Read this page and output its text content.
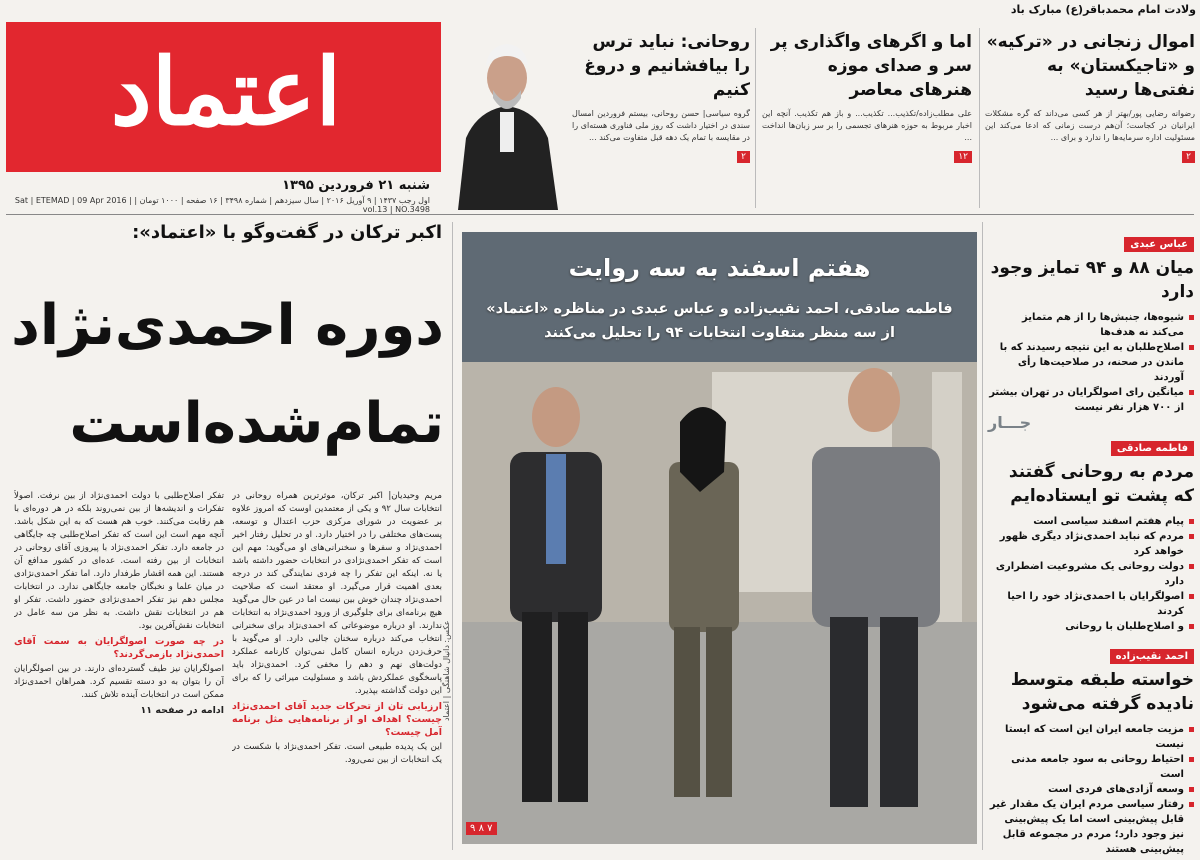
ولادت امام محمدباقر(ع) مبارک باد
اموال زنجانی در «ترکیه» و «تاجیکستان» به نفتی‌ها رسید
رضوانه رضایی پور/بهتر از هر کسی می‌داند که گره مشکلات ایرانیان در کجاست؛ آن‌هم درست زمانی که ادعا می‌کند این مسئولیت اداره سرمایه‌ها را ندارد و برای ...
۲
اما و اگرهای واگذاری پر سر و صدای موزه هنرهای معاصر
علی مطلب‌زاده/تکذیب... تکذیب... و باز هم تکذیب. آنچه این اخبار مربوط به حوزه هنرهای تجسمی را بر سر زبان‌ها انداخت ...
۱۲
روحانی: نباید ترس را بیافشانیم و دروغ کنیم
گروه سیاسی| حسن روحانی، بیستم فروردین امسال سندی در اختیار داشت که روز ملی فناوری هسته‌ای را در مقایسه با تمام یک دهه قبل متفاوت می‌کند ...
۲
اعتماد
شنبه ۲۱ فروردین ۱۳۹۵
اول رجب ۱۴۳۷ | ۹ آوریل ۲۰۱۶ | سال سیزدهم | شماره ۳۴۹۸ | ۱۶ صفحه | ۱۰۰۰ تومان | Sat | ETEMAD | 09 Apr 2016 | vol.13 | NO.3498
اکبر ترکان در گفت‌وگو با «اعتماد»:
دوره احمدی‌نژاد
تمام‌شده‌است
مریم وحیدیان| اکبر ترکان، موثرترین همراه روحانی در انتخابات سال ۹۲ و یکی از معتمدین اوست که امروز علاوه بر عضویت در شورای مرکزی حزب اعتدال و توسعه، پست‌های مختلفی را در اختیار دارد. او در تحلیل رفتار اخیر احمدی‌نژاد و سفرها و سخنرانی‌های او می‌گوید: مهم این است که تفکر احمدی‌نژادی در انتخابات حضور داشته باشد یا نه. اینکه این تفکر را چه فردی نمایندگی کند در درجه بعدی اهمیت قرار می‌گیرد. او معتقد است که صلاحیت احمدی‌نژاد چندان خوش بین نیست اما در عین حال می‌گوید هیچ برنامه‌ای برای جلوگیری از ورود احمدی‌نژاد به انتخابات ندارند. او درباره موضوعاتی که احمدی‌نژاد برای سخنرانی انتخاب می‌کند درباره سخنان جالبی دارد. او می‌گوید با حرف‌زدن درباره انسان کامل نمی‌توان کارنامه عملکرد دولت‌های نهم و دهم را مخفی کرد. احمدی‌نژاد باید پاسخگوی عملکرد‌ش باشد و مسئولیت میراثی را که برای این دولت گذاشته بپذیرد.
ارزیابی تان از تحرکات جدید آقای احمدی‌نژاد چیست؟ اهداف او از برنامه‌هایی مثل برنامه آمل چیست؟
این یک پدیده طبیعی است. تفکر احمدی‌نژاد با شکست در یک انتخابات از بین نمی‌رود.
تفکر اصلاح‌طلبی با دولت احمدی‌نژاد از بین نرفت. اصولاً تفکرات و اندیشه‌ها از بین نمی‌روند بلکه در هر دوره‌ای با هم رقابت می‌کنند. خوب هم هست که به این شکل باشد. آنچه مهم است این است که تفکر اصلاح‌طلبی چه جایگاهی در جامعه دارد. تفکر احمدی‌نژاد با پیروزی آقای روحانی در انتخابات از بین رفته است. عده‌ای در کشور مدافع آن هستند. این همه اقشار طرفدار دارد. اما تفکر احمدی‌نژادی در میان علما و نخبگان جامعه جایگاهی ندارد. در انتخابات مجلس دهم نیز تفکر احمدی‌نژادی حضور داشت. تفکر او هم در انتخابات نقش داشت. به نظر من سه عامل در انتخابات نقش‌آفرین بود.
در چه صورت اصولگرایان به سمت آقای احمدی‌نژاد بازمی‌گردند؟
اصولگرایان نیز طیف گسترده‌ای دارند. در بین اصولگرایان آن را بتوان به دو دسته تقسیم کرد. همراهان احمدی‌نژاد ممکن است در انتخابات آینده تلاش کنند.
ادامه در صفحه ۱۱	عکس: دانیال شاهنگی | اعتماد
هفتم اسفند به سه روایت
فاطمه صادقی، احمد نقیب‌زاده و عباس عبدی در مناظره «اعتماد»
از سه منظر متفاوت انتخابات ۹۴ را تحلیل می‌کنند
۷ ۸ ۹
عباس عبدی
میان ۸۸ و ۹۴ تمایز وجود دارد
شیوه‌ها، جنبش‌ها را از هم متمایز می‌کند نه هدف‌ها
اصلاح‌طلبان به این نتیجه رسیدند که با ماندن در صحنه، در صلاحیت‌ها رأی آوردند
میانگین رای اصولگرایان در تهران بیشتر از ۷۰۰ هزار نفر نیست
جـــار
فاطمه صادقی
مردم به روحانی گفتند که پشت تو ایستاده‌ایم
پیام هفتم اسفند سیاسی است
مردم که نباید احمدی‌نژاد دیگری ظهور خواهد کرد
دولت روحانی یک مشروعیت اضطراری دارد
اصولگرایان با احمدی‌نژاد خود را احیا کردند
و اصلاح‌طلبان با روحانی
احمد نقیب‌زاده
خواسته طبقه متوسط نادیده گرفته می‌شود
مزیت جامعه ایران این است که ایستا نیست
احتیاط روحانی به سود جامعه مدنی است
وسعه آزادی‌های فردی است
رفتار سیاسی مردم ایران یک مقدار غیر قابل پیش‌بینی است اما یک پیش‌بینی نیز وجود دارد؛ مردم در مجموعه قابل پیش‌بینی هستند
